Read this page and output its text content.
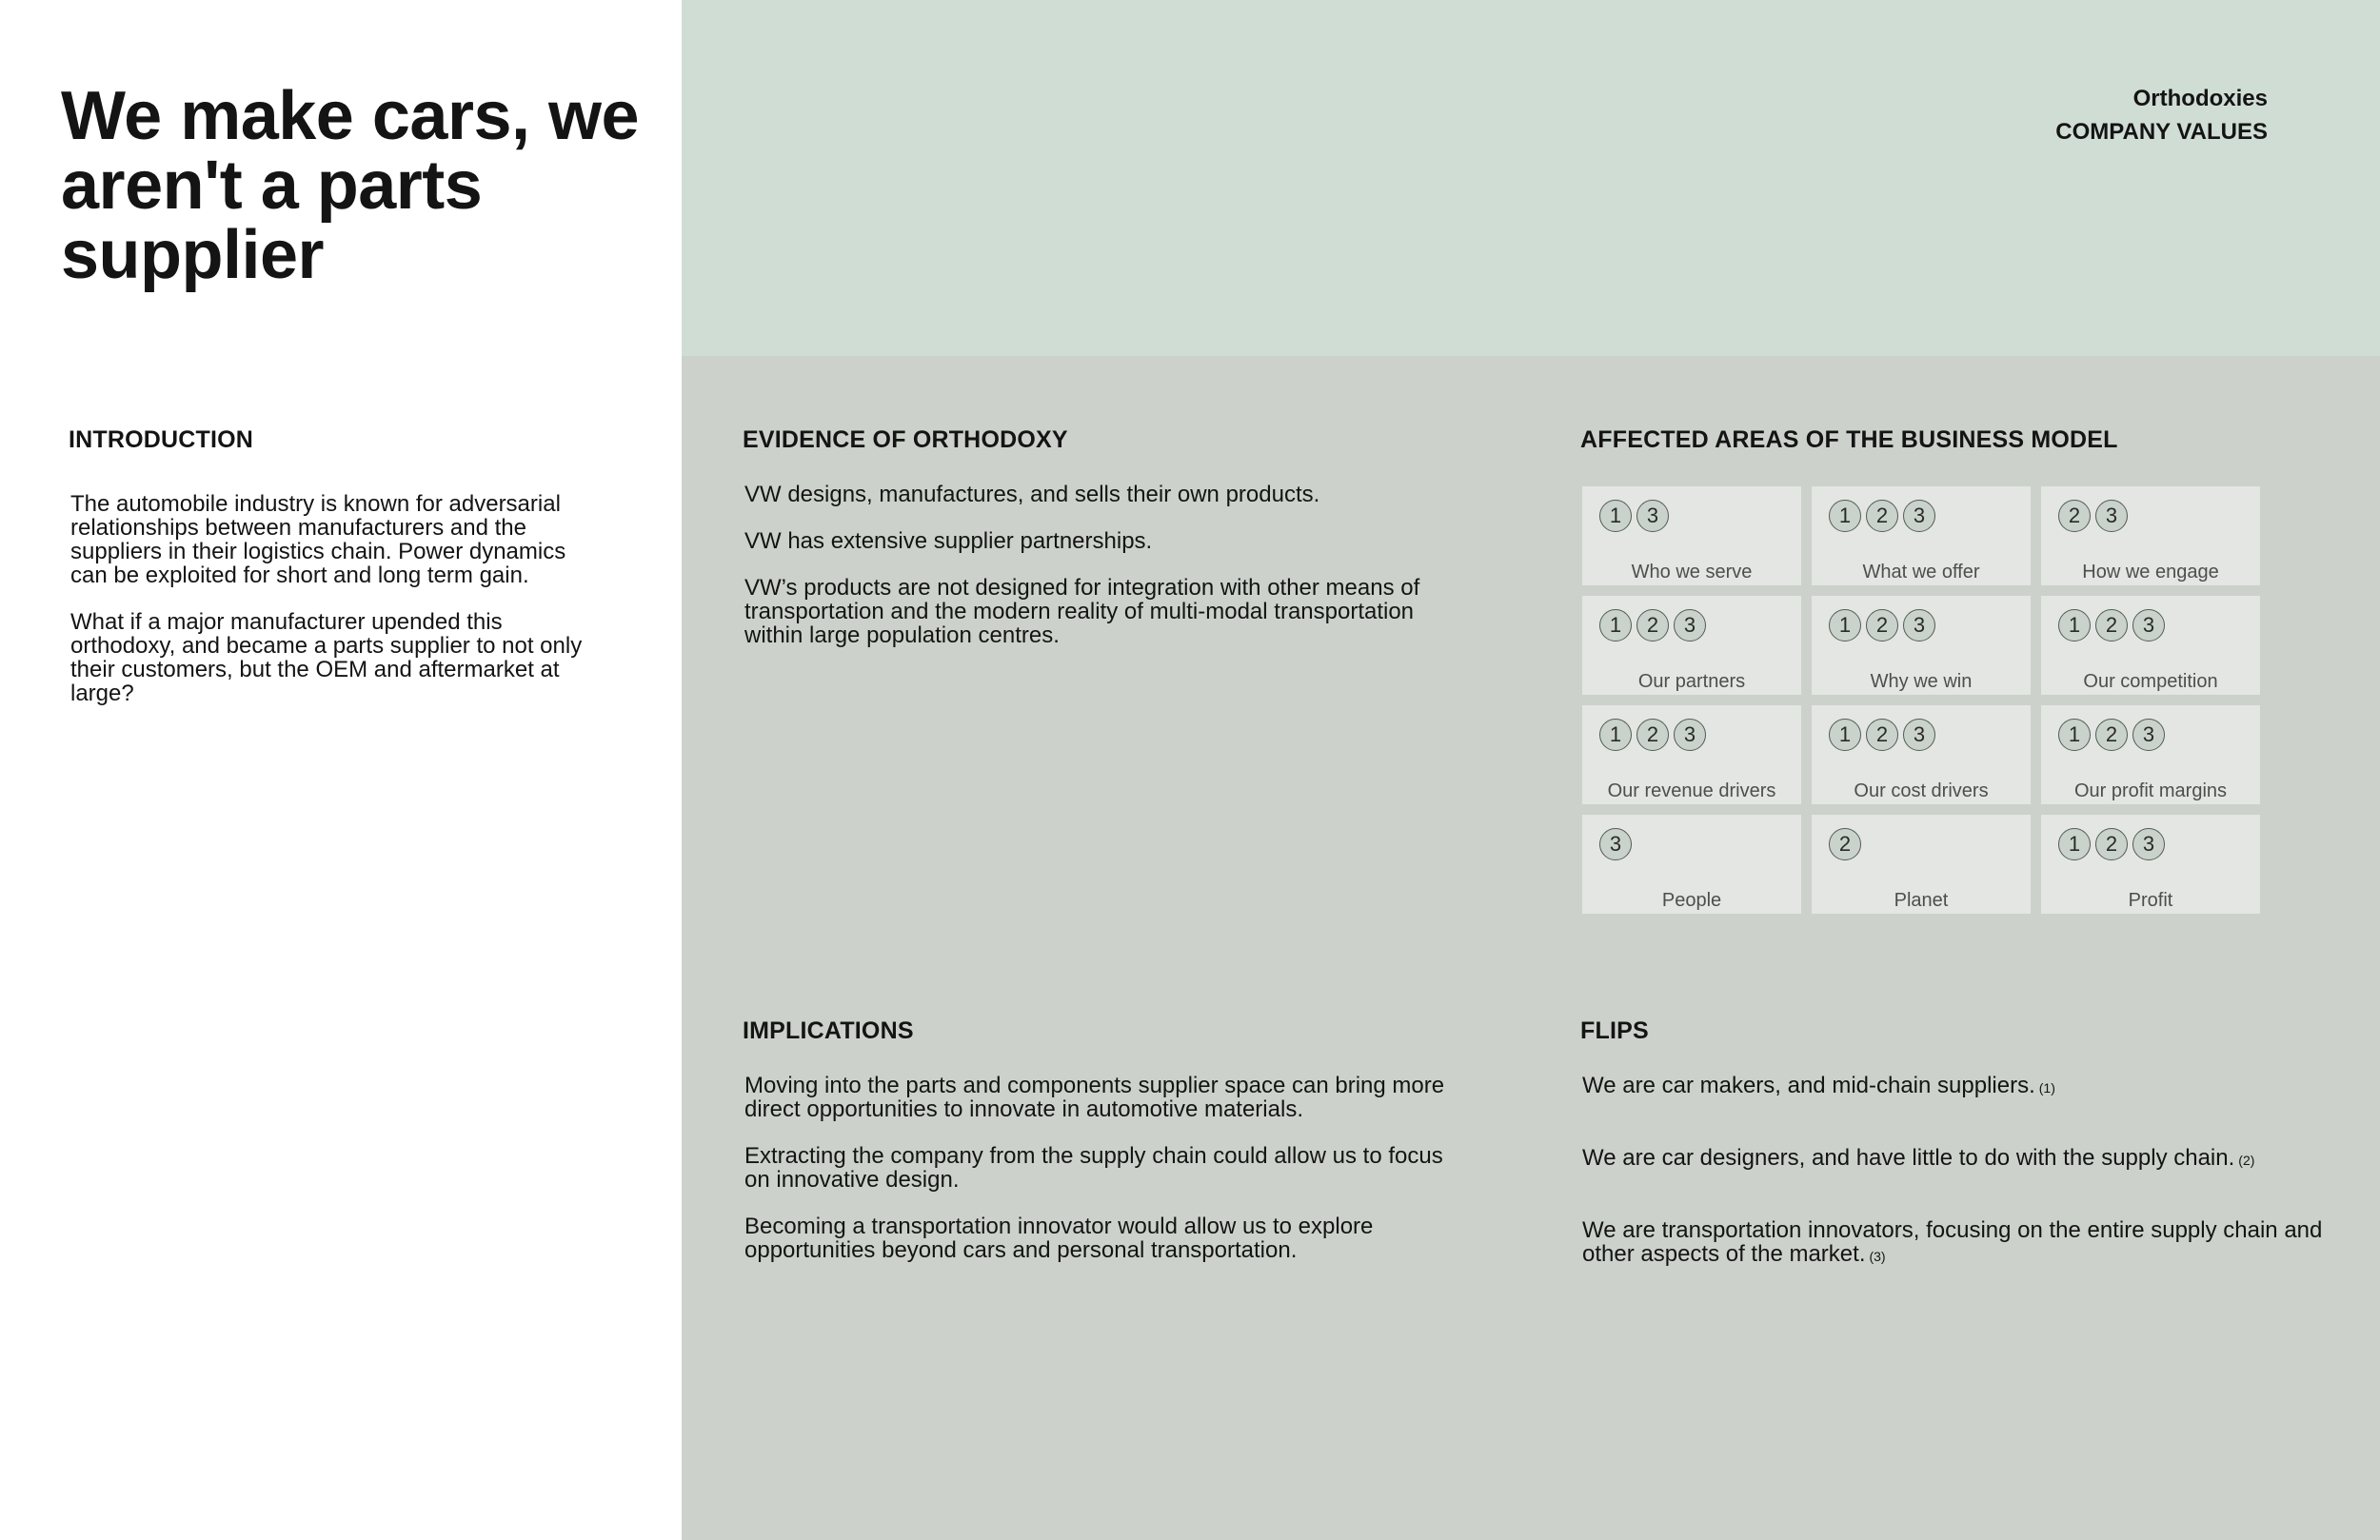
We make cars, we aren't a parts supplier
Orthodoxies
COMPANY VALUES
INTRODUCTION

The automobile industry is known for adversarial relationships between manufacturers and the suppliers in their logistics chain. Power dynamics can be exploited for short and long term gain.

What if a major manufacturer upended this orthodoxy, and became a parts supplier to not only their customers, but the OEM and aftermarket at large?

EVIDENCE OF ORTHODOXY

VW designs, manufactures, and sells their own products.

VW has extensive supplier partnerships.

VW’s products are not designed for integration with other means of transportation and the modern reality of multi-modal transportation within large population centres.

AFFECTED AREAS OF THE BUSINESS MODEL
1	3
Who we serve
1	2	3
What we offer
2	3
How we engage
1	2	3
Our partners
1	2	3
Why we win
1	2	3
Our competition
1	2	3
Our revenue drivers
1	2	3
Our cost drivers
1	2	3
Our profit margins
3
People
2
Planet
1	2	3
Profit
IMPLICATIONS

Moving into the parts and components supplier space can bring more direct opportunities to innovate in automotive materials.

Extracting the company from the supply chain could allow us to focus on innovative design.

Becoming a transportation innovator would allow us to explore opportunities beyond cars and personal transportation.

FLIPS

We are car makers, and mid-chain suppliers. (1)

We are car designers, and have little to do with the supply chain. (2)

We are transportation innovators, focusing on the entire supply chain and other aspects of the market. (3)
